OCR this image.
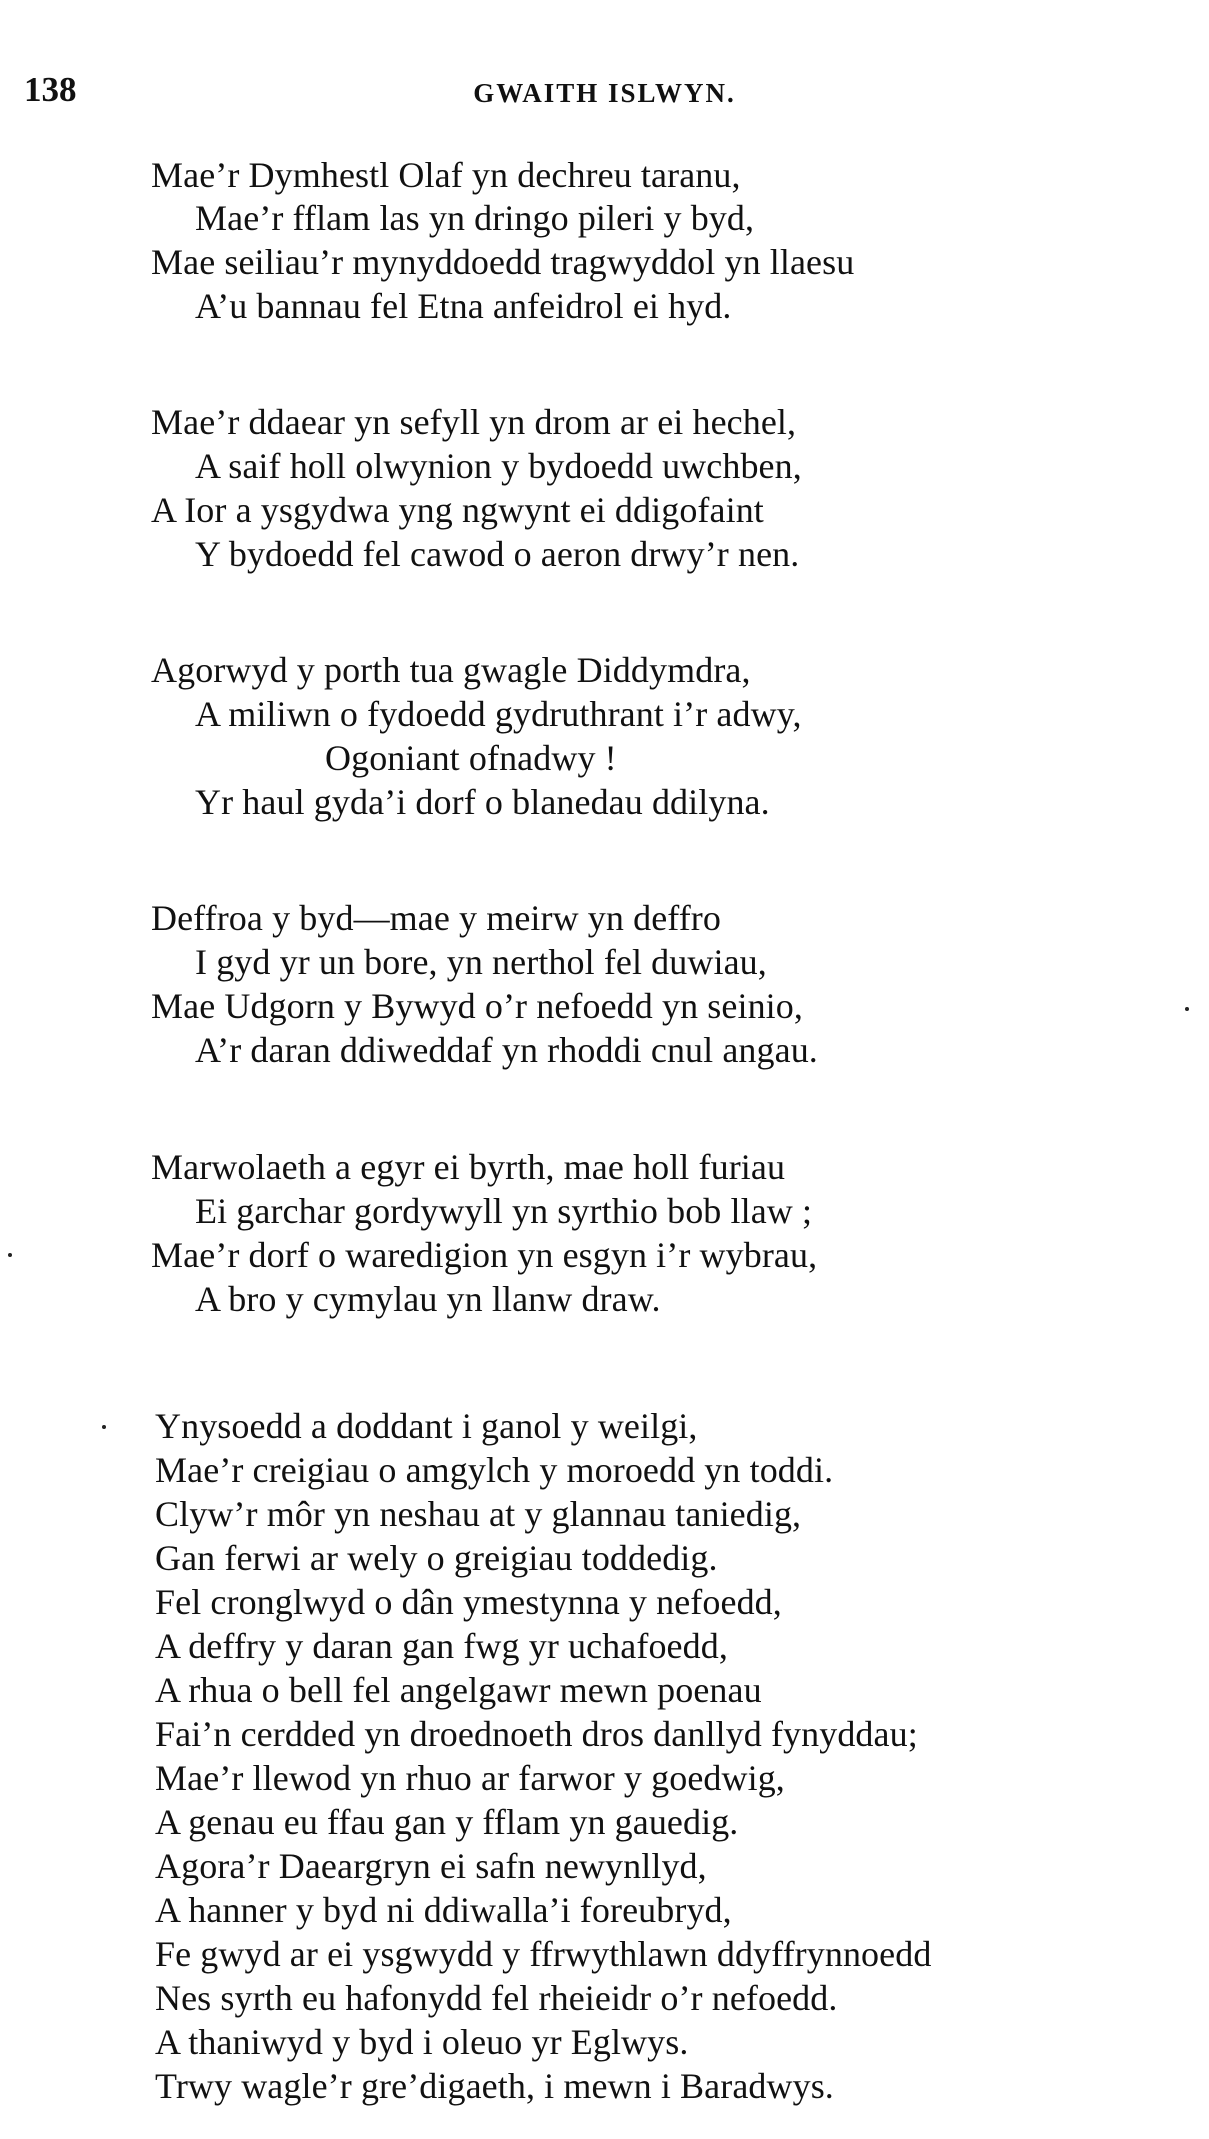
138	GWAITH ISLWYN.
Mae’r Dymhestl Olaf yn dechreu taranu,
Mae’r fflam las yn dringo pileri y byd,
Mae seiliau’r mynyddoedd tragwyddol yn llaesu
A’u bannau fel Etna anfeidrol ei hyd.
Mae’r ddaear yn sefyll yn drom ar ei hechel,
A saif holl olwynion y bydoedd uwchben,
A Ior a ysgydwa yng ngwynt ei ddigofaint
Y bydoedd fel cawod o aeron drwy’r nen.
Agorwyd y porth tua gwagle Diddymdra,
A miliwn o fydoedd gydruthrant i’r adwy,
Ogoniant ofnadwy !
Yr haul gyda’i dorf o blanedau ddilyna.
Deffroa y byd—mae y meirw yn deffro
I gyd yr un bore, yn nerthol fel duwiau,
Mae Udgorn y Bywyd o’r nefoedd yn seinio,
A’r daran ddiweddaf yn rhoddi cnul angau.
Marwolaeth a egyr ei byrth, mae holl furiau
Ei garchar gordywyll yn syrthio bob llaw ;
Mae’r dorf o waredigion yn esgyn i’r wybrau,
A bro y cymylau yn llanw draw.
Ynysoedd a doddant i ganol y weilgi,
Mae’r creigiau o amgylch y moroedd yn toddi.
Clyw’r môr yn neshau at y glannau taniedig,
Gan ferwi ar wely o greigiau toddedig.
Fel cronglwyd o dân ymestynna y nefoedd,
A deffry y daran gan fwg yr uchafoedd,
A rhua o bell fel angelgawr mewn poenau
Fai’n cerdded yn droednoeth dros danllyd fynyddau;
Mae’r llewod yn rhuo ar farwor y goedwig,
A genau eu ffau gan y fflam yn gauedig.
Agora’r Daeargryn ei safn newynllyd,
A hanner y byd ni ddiwalla’i foreubryd,
Fe gwyd ar ei ysgwydd y ffrwythlawn ddyffrynnoedd
Nes syrth eu hafonydd fel rheieidr o’r nefoedd.
A thaniwyd y byd i oleuo yr Eglwys.
Trwy wagle’r gre’digaeth, i mewn i Baradwys.
